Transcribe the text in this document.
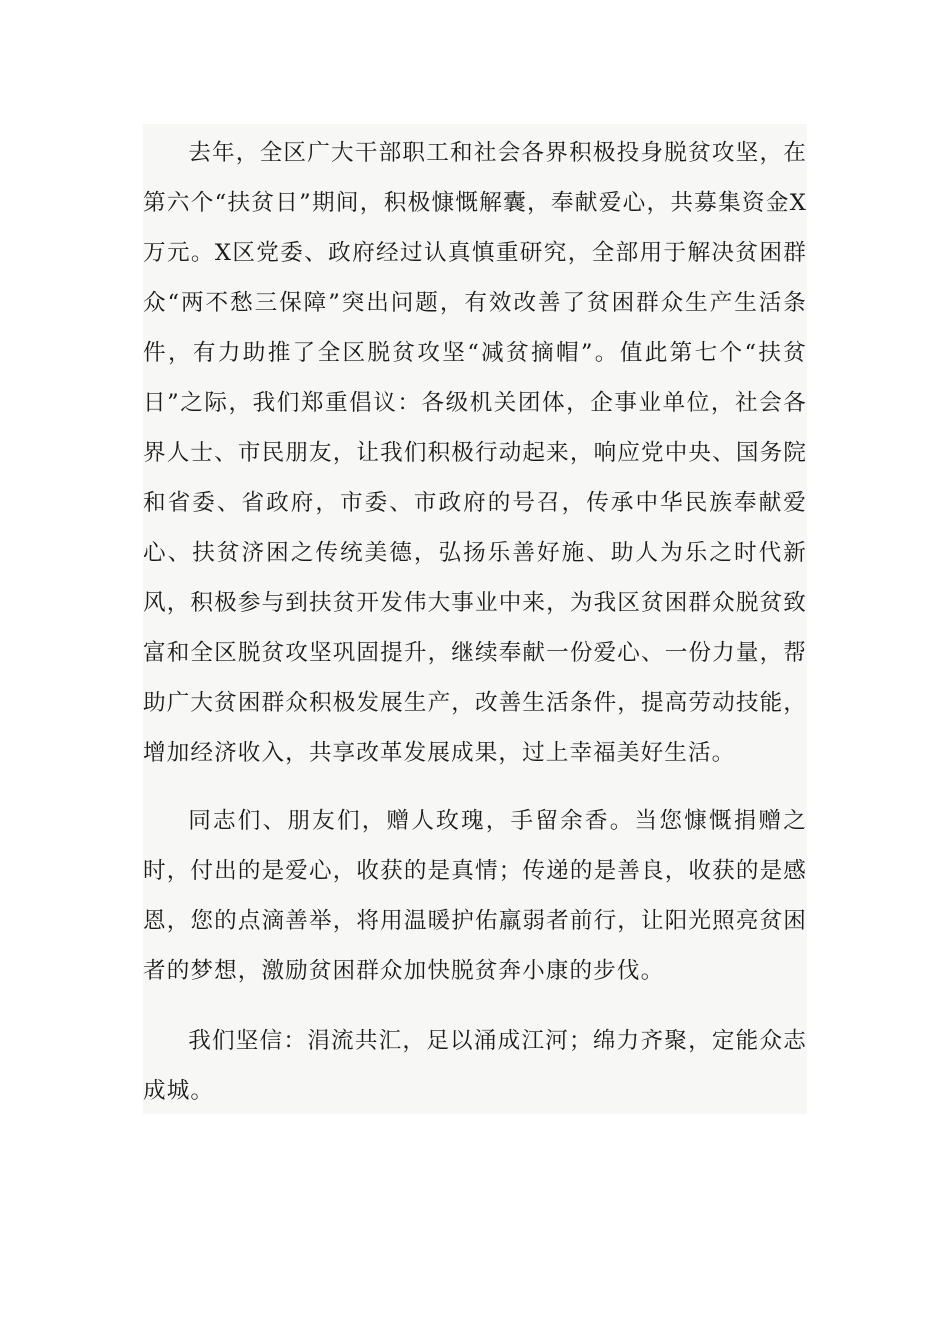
去年，全区广大干部职工和社会各界积极投身脱贫攻坚，在第六个“扶贫日”期间，积极慷慨解囊，奉献爱心，共募集资金X万元。X区党委、政府经过认真慎重研究，全部用于解决贫困群众“两不愁三保障”突出问题，有效改善了贫困群众生产生活条件，有力助推了全区脱贫攻坚“减贫摘帽”。值此第七个“扶贫日”之际，我们郑重倡议：各级机关团体，企事业单位，社会各界人士、市民朋友，让我们积极行动起来，响应党中央、国务院和省委、省政府，市委、市政府的号召，传承中华民族奉献爱心、扶贫济困之传统美德，弘扬乐善好施、助人为乐之时代新风，积极参与到扶贫开发伟大事业中来，为我区贫困群众脱贫致富和全区脱贫攻坚巩固提升，继续奉献一份爱心、一份力量，帮助广大贫困群众积极发展生产，改善生活条件，提高劳动技能，增加经济收入，共享改革发展成果，过上幸福美好生活。

同志们、朋友们，赠人玫瑰，手留余香。当您慷慨捐赠之时，付出的是爱心，收获的是真情；传递的是善良，收获的是感恩，您的点滴善举，将用温暖护佑羸弱者前行，让阳光照亮贫困者的梦想，激励贫困群众加快脱贫奔小康的步伐。

我们坚信：涓流共汇，足以涌成江河；绵力齐聚，定能众志成城。
